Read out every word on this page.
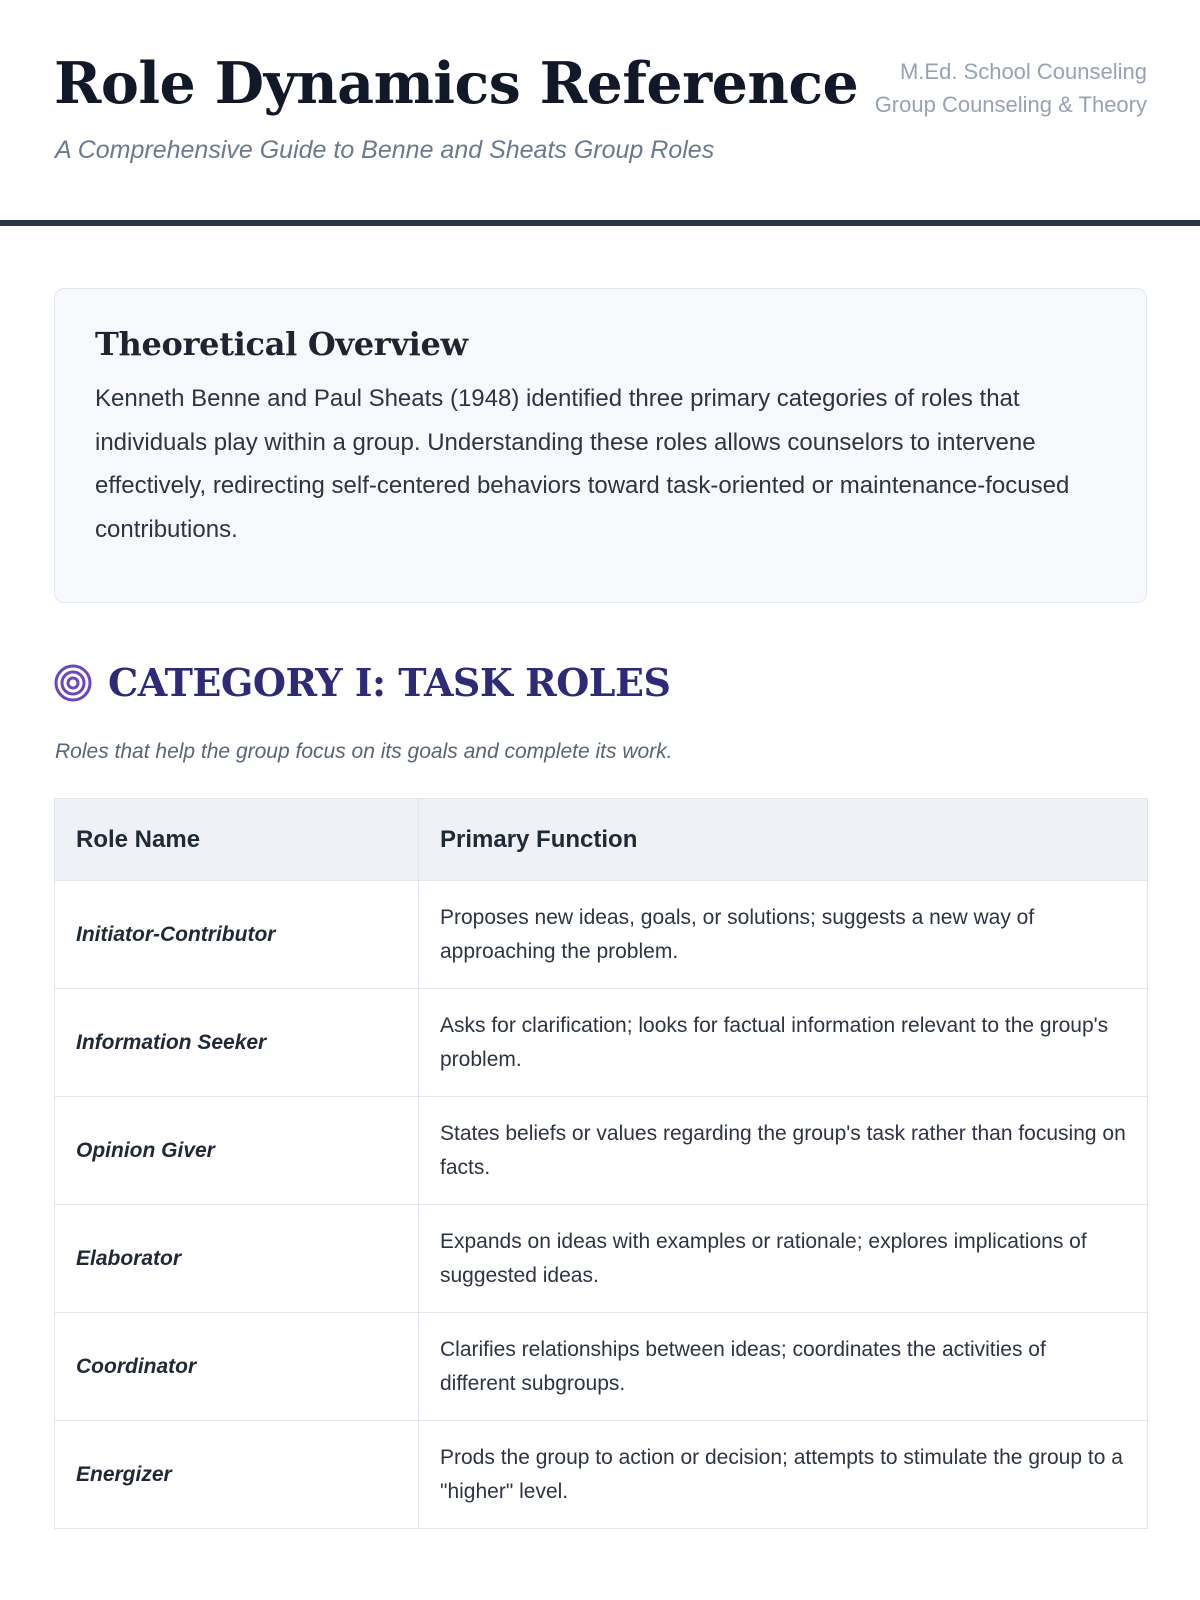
Role Dynamics Reference

A Comprehensive Guide to Benne and Sheats Group Roles

M.Ed. School Counseling
Group Counseling & Theory
Theoretical Overview

Kenneth Benne and Paul Sheats (1948) identified three primary categories of roles that individuals play within a group. Understanding these roles allows counselors to intervene effectively, redirecting self-centered behaviors toward task-oriented or maintenance-focused contributions.

CATEGORY I: TASK ROLES

Roles that help the group focus on its goals and complete its work.

Role Name	Primary Function
Initiator-Contributor	Proposes new ideas, goals, or solutions; suggests a new way of approaching the problem.
Information Seeker	Asks for clarification; looks for factual information relevant to the group's problem.
Opinion Giver	States beliefs or values regarding the group's task rather than focusing on facts.
Elaborator	Expands on ideas with examples or rationale; explores implications of suggested ideas.
Coordinator	Clarifies relationships between ideas; coordinates the activities of different subgroups.
Energizer	Prods the group to action or decision; attempts to stimulate the group to a "higher" level.
